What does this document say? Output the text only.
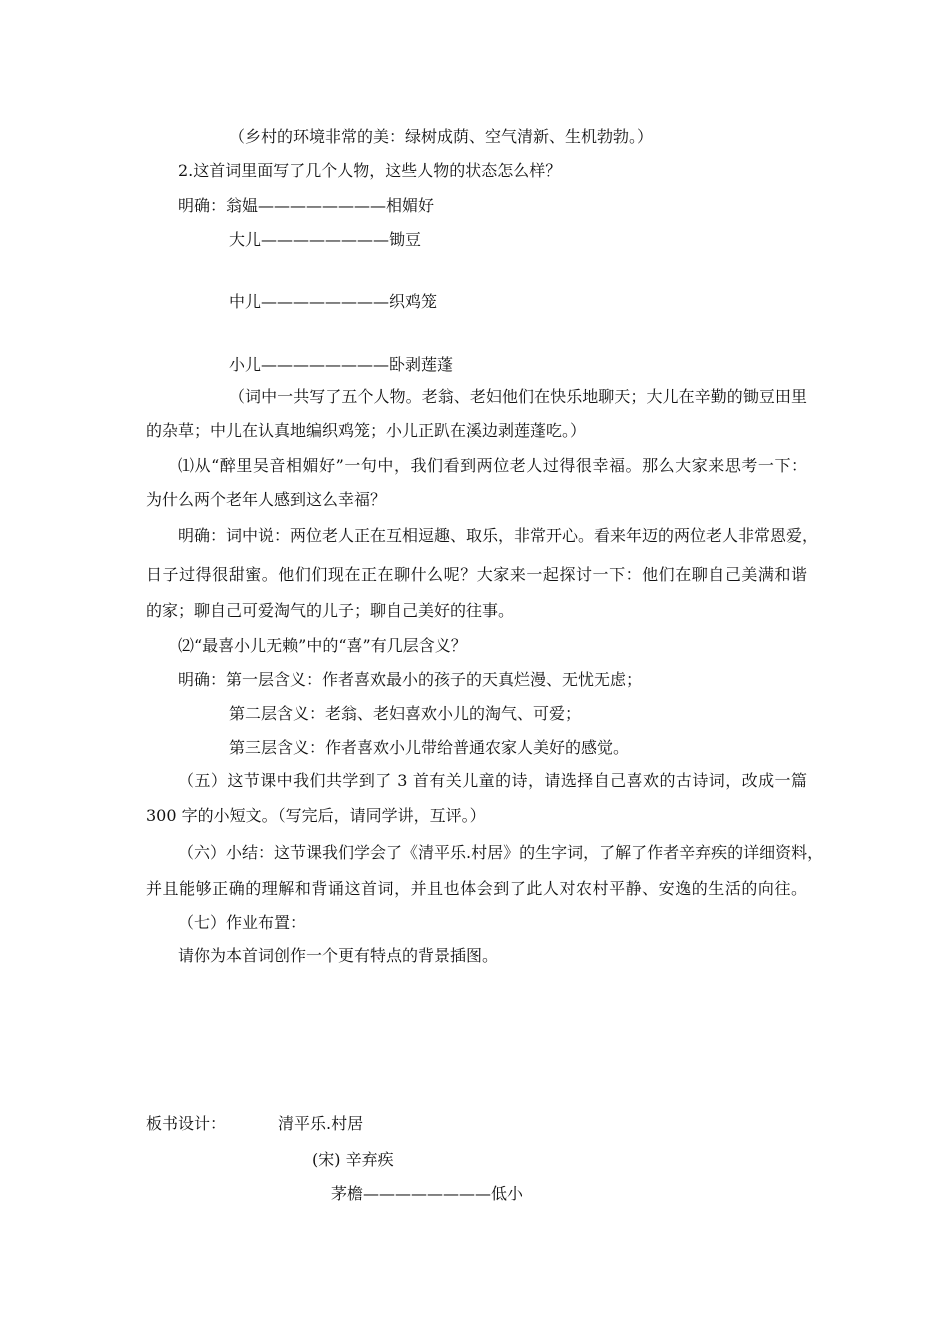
（乡村的环境非常的美：绿树成荫、空气清新、生机勃勃。）
2.这首词里面写了几个人物，这些人物的状态怎么样？
明确：翁媪————————相媚好
大儿————————锄豆
中儿————————织鸡笼
小儿————————卧剥莲蓬
（词中一共写了五个人物。老翁、老妇他们在快乐地聊天；大儿在辛勤的锄豆田里
的杂草；中儿在认真地编织鸡笼；小儿正趴在溪边剥莲蓬吃。）
⑴从“醉里吴音相媚好”一句中，我们看到两位老人过得很幸福。那么大家来思考一下：
为什么两个老年人感到这么幸福？
明确：词中说：两位老人正在互相逗趣、取乐，非常开心。看来年迈的两位老人非常恩爱，
日子过得很甜蜜。他们们现在正在聊什么呢？大家来一起探讨一下：他们在聊自己美满和谐
的家；聊自己可爱淘气的儿子；聊自己美好的往事。
⑵“最喜小儿无赖”中的“喜”有几层含义？
明确：第一层含义：作者喜欢最小的孩子的天真烂漫、无忧无虑；
第二层含义：老翁、老妇喜欢小儿的淘气、可爱；
第三层含义：作者喜欢小儿带给普通农家人美好的感觉。
（五）这节课中我们共学到了 3 首有关儿童的诗，请选择自己喜欢的古诗词，改成一篇
300 字的小短文。（写完后，请同学讲，互评。）
（六）小结：这节课我们学会了《清平乐.村居》的生字词，了解了作者辛弃疾的详细资料，
并且能够正确的理解和背诵这首词，并且也体会到了此人对农村平静、安逸的生活的向往。
（七）作业布置：
请你为本首词创作一个更有特点的背景插图。
板书设计：	清平乐.村居
(宋) 辛弃疾
茅檐————————低小
